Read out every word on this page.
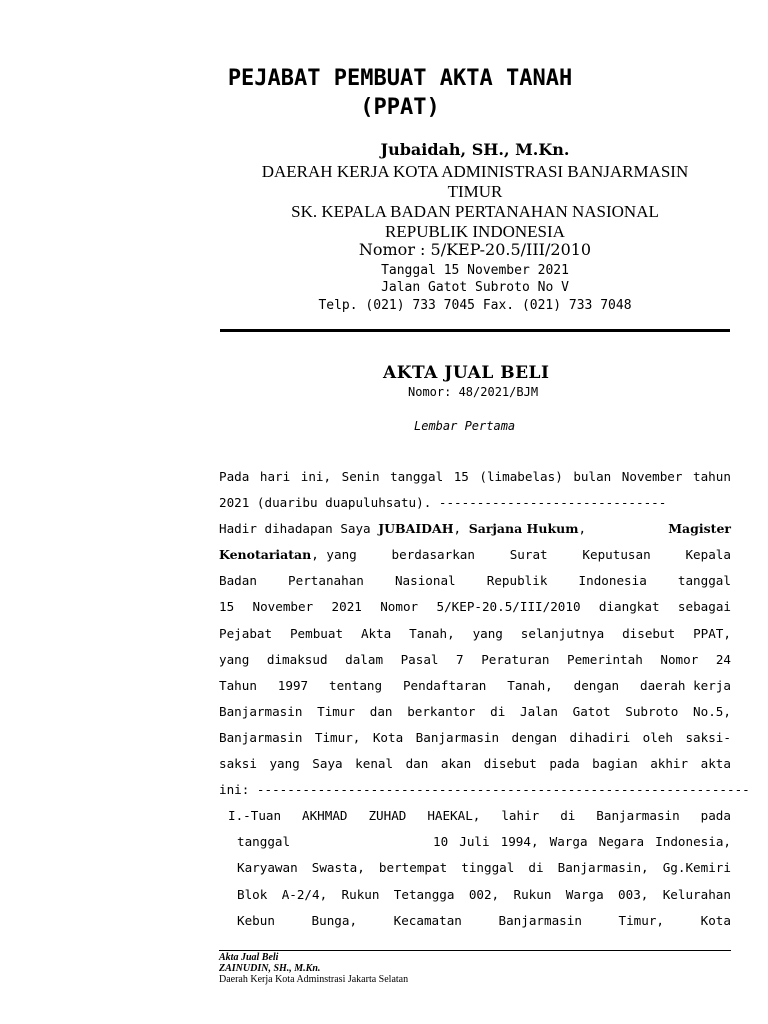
PEJABAT PEMBUAT AKTA TANAH
(PPAT)
Jubaidah, SH., M.Kn.
DAERAH KERJA KOTA ADMINISTRASI BANJARMASIN
TIMUR
SK. KEPALA BADAN PERTANAHAN NASIONAL
REPUBLIK INDONESIA
Nomor : 5/KEP-20.5/III/2010
Tanggal 15 November 2021
Jalan Gatot Subroto No V
Telp. (021) 733 7045 Fax. (021) 733 7048
AKTA JUAL BELI
Nomor: 48/2021/BJM
Lembar Pertama
Pada hari ini, Senin tanggal 15 (limabelas) bulan November tahun
2021 (duaribu duapuluhsatu). ------------------------------
Hadir dihadapan Saya JUBAIDAH, Sarjana Hukum,	Magister
Kenotariatan, yang	berdasarkan	Surat	Keputusan	Kepala
Badan Pertanahan Nasional Republik Indonesia tanggal
15 November 2021 Nomor 5/KEP-20.5/III/2010 diangkat sebagai
Pejabat Pembuat Akta Tanah, yang selanjutnya disebut PPAT,
yang dimaksud dalam Pasal 7 Peraturan Pemerintah Nomor 24
Tahun 1997 tentang Pendaftaran Tanah, dengan daerah kerja
Banjarmasin Timur dan berkantor di Jalan Gatot Subroto No.5,
Banjarmasin Timur, Kota Banjarmasin dengan dihadiri oleh saksi-
saksi yang Saya kenal dan akan disebut pada bagian akhir akta
ini: -----------------------------------------------------------------
I.-Tuan AKHMAD ZUHAD HAEKAL, lahir di Banjarmasin pada
tanggal	10 Juli 1994, Warga Negara Indonesia,
Karyawan Swasta, bertempat tinggal di Banjarmasin, Gg.Kemiri
Blok A-2/4, Rukun Tetangga 002, Rukun Warga 003, Kelurahan
Kebun	Bunga,	Kecamatan	Banjarmasin	Timur,	Kota
Akta Jual Beli
ZAINUDIN, SH., M.Kn.
Daerah Kerja Kota Adminstrasi Jakarta Selatan
